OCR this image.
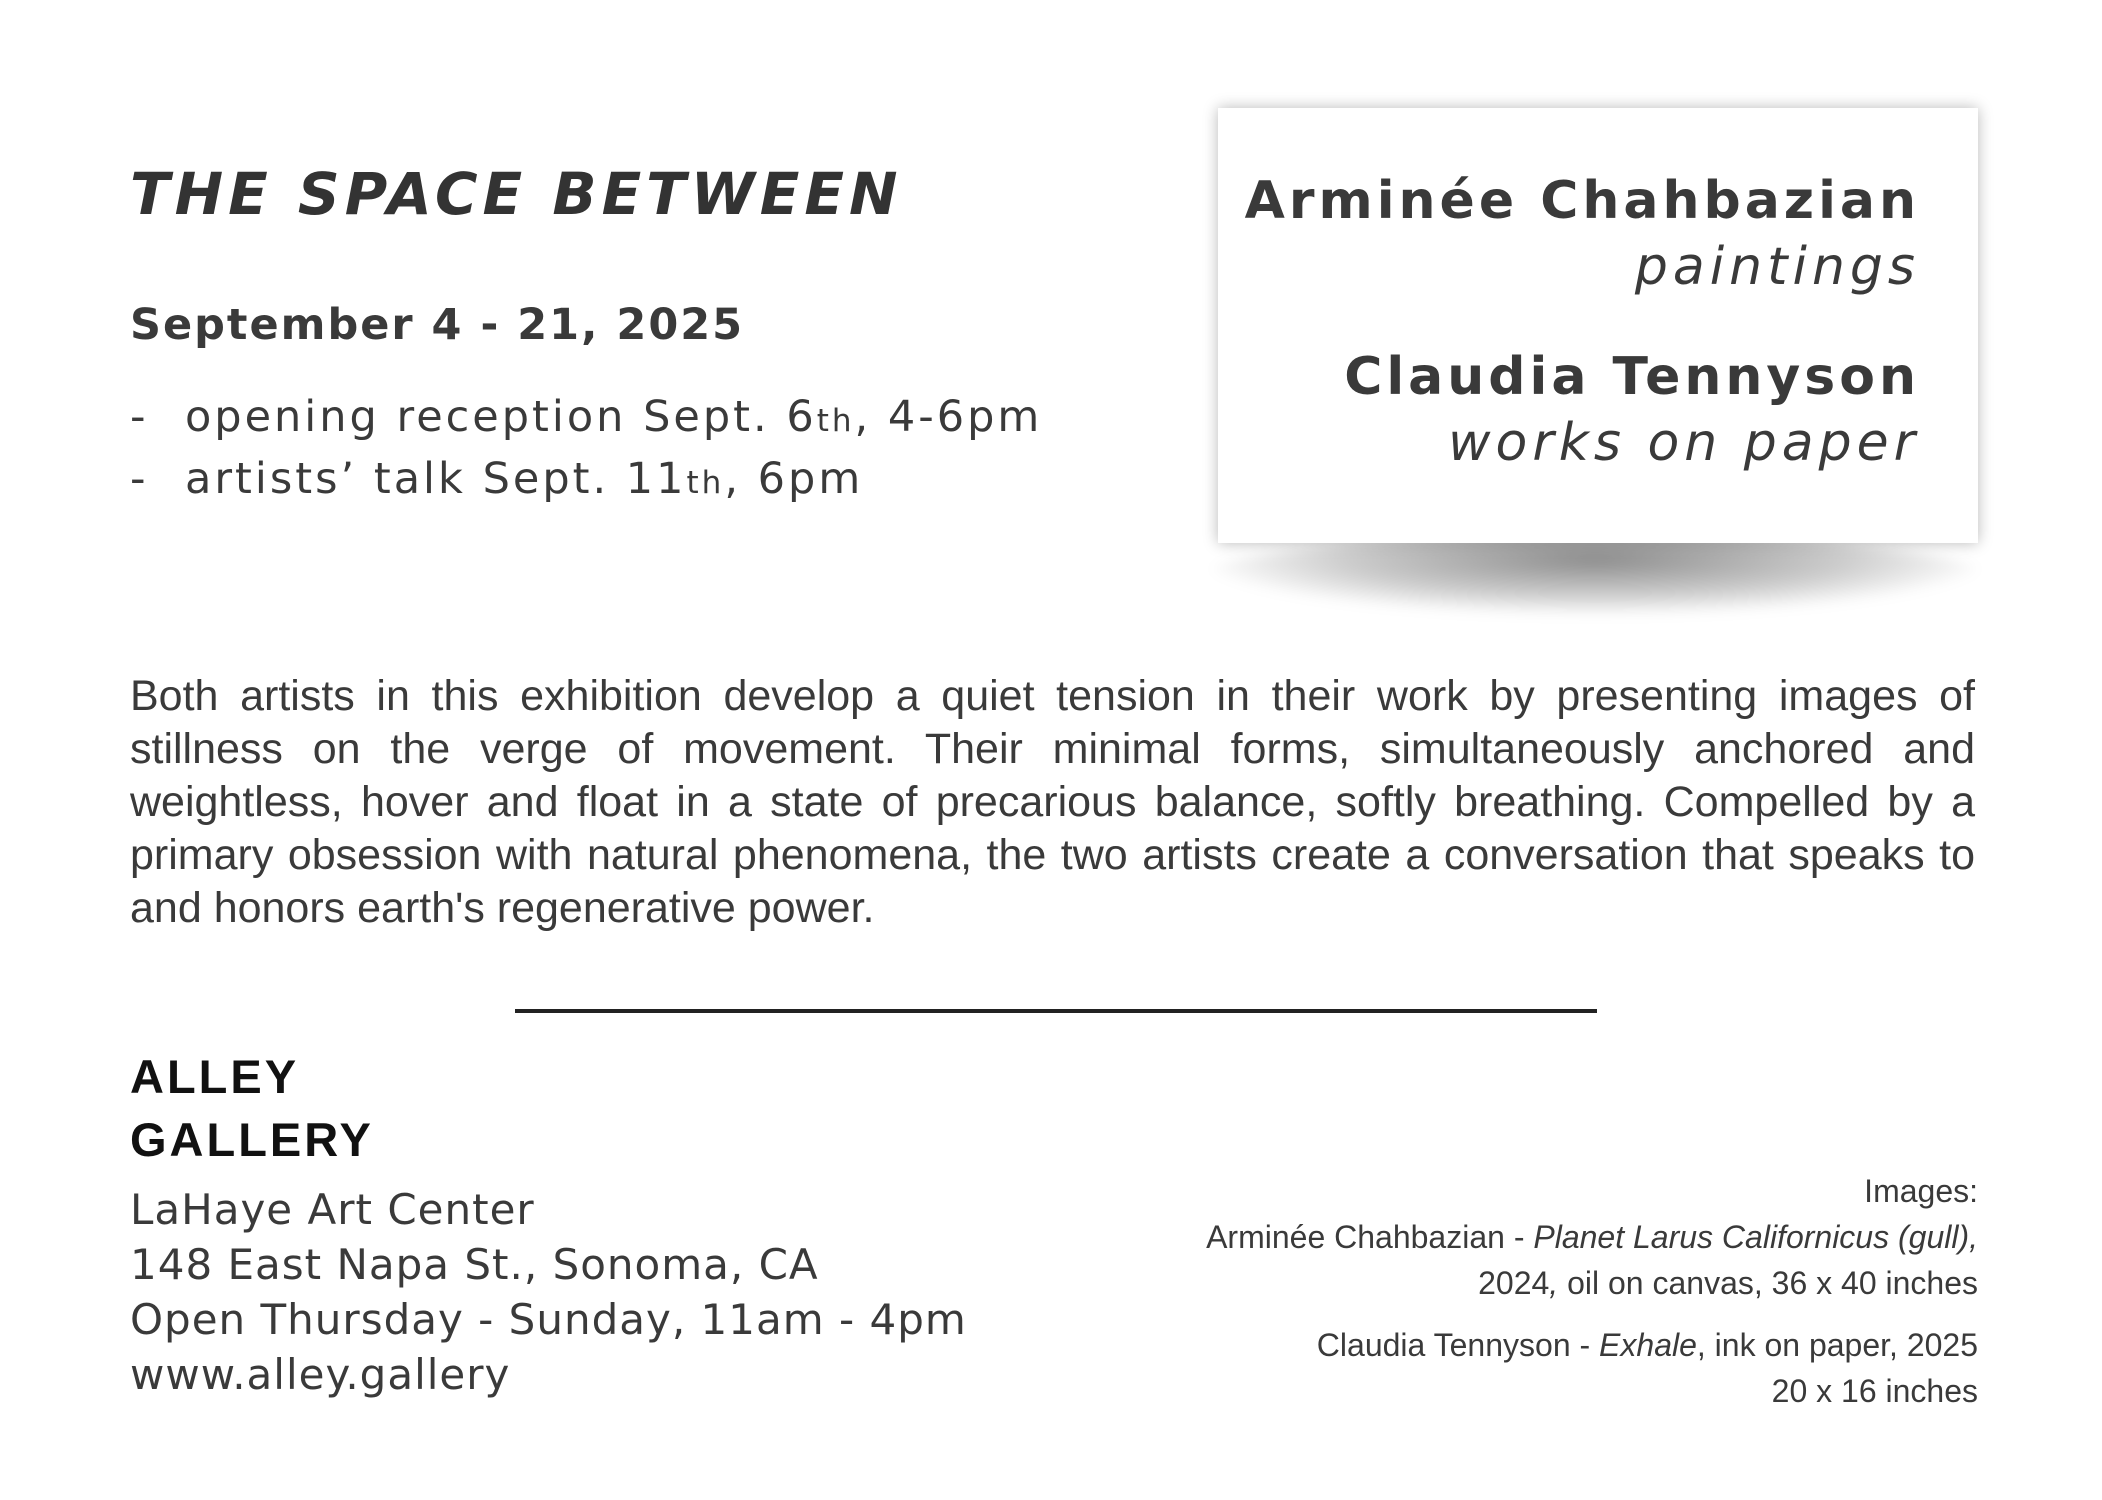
THE SPACE BETWEEN
September 4 - 21, 2025
- opening reception Sept. 6th, 4-6pm
- artists’ talk Sept. 11th, 6pm
Arminée Chahbazian
paintings
Claudia Tennyson
works on paper
Both artists in this exhibition develop a quiet tension in their work by presenting images of stillness on the verge of movement. Their minimal forms, simultaneously anchored and weightless, hover and float in a state of precarious balance, softly breathing. Compelled by a primary obsession with natural phenomena, the two artists create a conversation that speaks to and honors earth's regenerative power.
ALLEY
GALLERY
LaHaye Art Center
148 East Napa St., Sonoma, CA
Open Thursday - Sunday, 11am - 4pm
www.alley.gallery
Images:
Arminée Chahbazian - Planet Larus Californicus (gull),
2024, oil on canvas, 36 x 40 inches
Claudia Tennyson - Exhale, ink on paper, 2025
20 x 16 inches
